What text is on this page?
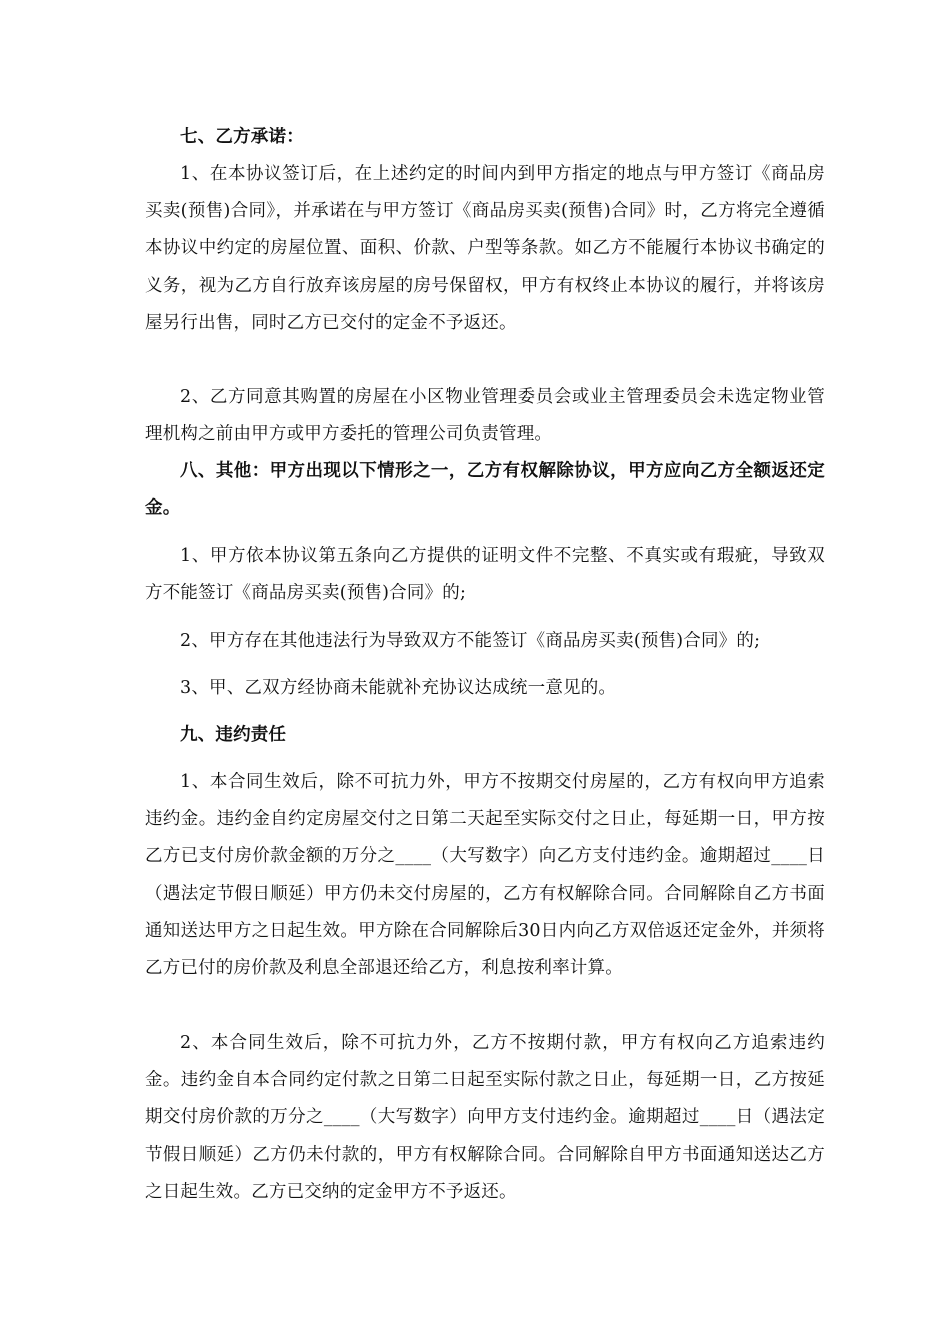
七、乙方承诺：

1、在本协议签订后，在上述约定的时间内到甲方指定的地点与甲方签订《商品房买卖(预售)合同》，并承诺在与甲方签订《商品房买卖(预售)合同》时，乙方将完全遵循本协议中约定的房屋位置、面积、价款、户型等条款。如乙方不能履行本协议书确定的义务，视为乙方自行放弃该房屋的房号保留权，甲方有权终止本协议的履行，并将该房屋另行出售，同时乙方已交付的定金不予返还。

2、乙方同意其购置的房屋在小区物业管理委员会或业主管理委员会未选定物业管理机构之前由甲方或甲方委托的管理公司负责管理。

八、其他：甲方出现以下情形之一，乙方有权解除协议，甲方应向乙方全额返还定金。

1、甲方依本协议第五条向乙方提供的证明文件不完整、不真实或有瑕疵，导致双方不能签订《商品房买卖(预售)合同》的;

2、甲方存在其他违法行为导致双方不能签订《商品房买卖(预售)合同》的;

3、甲、乙双方经协商未能就补充协议达成统一意见的。

九、违约责任

1、本合同生效后，除不可抗力外，甲方不按期交付房屋的，乙方有权向甲方追索违约金。违约金自约定房屋交付之日第二天起至实际交付之日止，每延期一日，甲方按乙方已支付房价款金额的万分之____（大写数字）向乙方支付违约金。逾期超过____日（遇法定节假日顺延）甲方仍未交付房屋的，乙方有权解除合同。合同解除自乙方书面通知送达甲方之日起生效。甲方除在合同解除后30日内向乙方双倍返还定金外，并须将乙方已付的房价款及利息全部退还给乙方，利息按利率计算。

2、本合同生效后，除不可抗力外，乙方不按期付款，甲方有权向乙方追索违约金。违约金自本合同约定付款之日第二日起至实际付款之日止，每延期一日，乙方按延期交付房价款的万分之____（大写数字）向甲方支付违约金。逾期超过____日（遇法定节假日顺延）乙方仍未付款的，甲方有权解除合同。合同解除自甲方书面通知送达乙方之日起生效。乙方已交纳的定金甲方不予返还。
